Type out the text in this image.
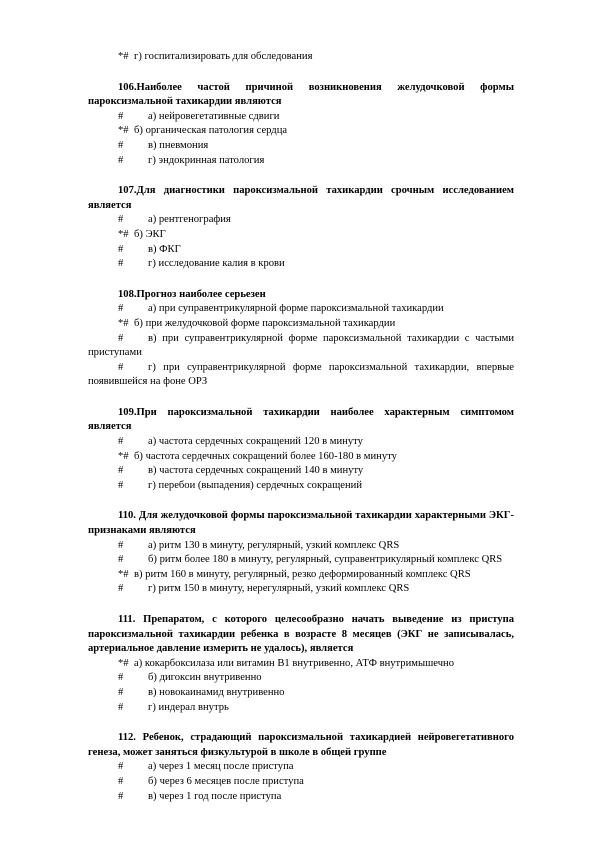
*# г) госпитализировать для обследования
106.Наиболее частой причиной возникновения желудочковой формы пароксизмальной тахикардии являются
# а) нейровегетативные сдвиги
*# б) органическая патология сердца
# в) пневмония
# г) эндокринная патология
107.Для диагностики пароксизмальной тахикардии срочным исследованием является
# а) рентгенография
*# б) ЭКГ
# в) ФКГ
# г) исследование калия в крови
108.Прогноз наиболее серьезен
# а) при суправентрикулярной форме пароксизмальной тахикардии
*# б) при желудочковой форме пароксизмальной тахикардии
# в) при суправентрикулярной форме пароксизмальной тахикардии с частыми приступами
# г) при суправентрикулярной форме пароксизмальной тахикардии, впервые появившейся на фоне ОРЗ
109.При пароксизмальной тахикардии наиболее характерным симптомом является
# а) частота сердечных сокращений 120 в минуту
*# б) частота сердечных сокращений более 160-180 в минуту
# в) частота сердечных сокращений 140 в минуту
# г) перебои (выпадения) сердечных сокращений
110. Для желудочковой формы пароксизмальной тахикардии характерными ЭКГ-признаками являются
# а) ритм 130 в минуту, регулярный, узкий комплекс QRS
# б) ритм более 180 в минуту, регулярный, суправентрикулярный комплекс QRS
*# в) ритм 160 в минуту, регулярный, резко деформированный комплекс QRS
# г) ритм 150 в минуту, нерегулярный, узкий комплекс QRS
111. Препаратом, с которого целесообразно начать выведение из приступа пароксизмальной тахикардии ребенка в возрасте 8 месяцев (ЭКГ не записывалась, артериальное давление измерить не удалось), является
*# а) кокарбоксилаза или витамин В1 внутривенно, АТФ внутримышечно
# б) дигоксин внутривенно
# в) новокаинамид внутривенно
# г) индерал внутрь
112. Ребенок, страдающий пароксизмальной тахикардией нейровегетативного генеза, может заняться физкультурой в школе в общей группе
# а) через 1 месяц после приступа
# б) через 6 месяцев после приступа
# в) через 1 год после приступа
